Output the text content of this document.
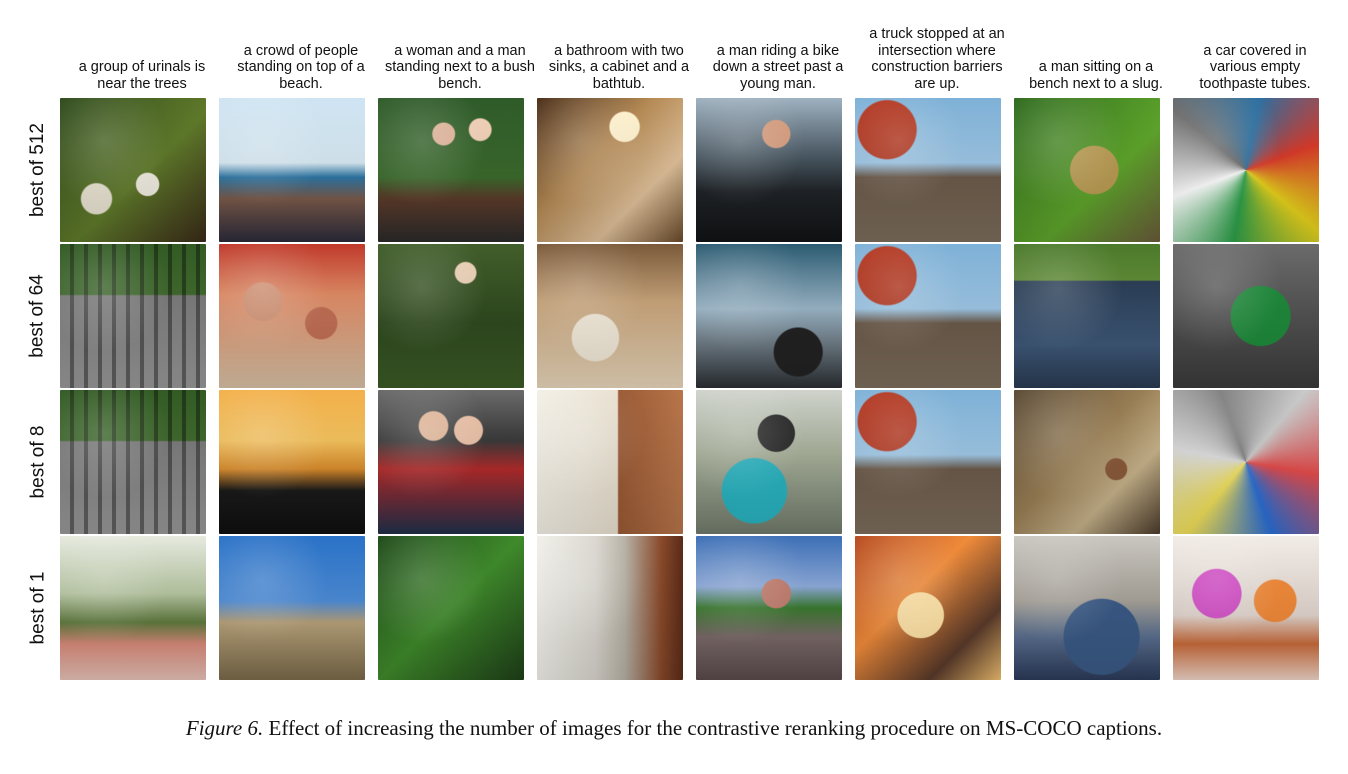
a group of urinals is near the trees
a crowd of people standing on top of a beach.
a woman and a man standing next to a bush bench.
a bathroom with two sinks, a cabinet and a bathtub.
a man riding a bike down a street past a young man.
a truck stopped at an intersection where construction barriers are up.
a man sitting on a bench next to a slug.
a car covered in various empty toothpaste tubes.
best of 512
best of 64
best of 8
best of 1
Figure 6. Effect of increasing the number of images for the contrastive reranking procedure on MS-COCO captions.
